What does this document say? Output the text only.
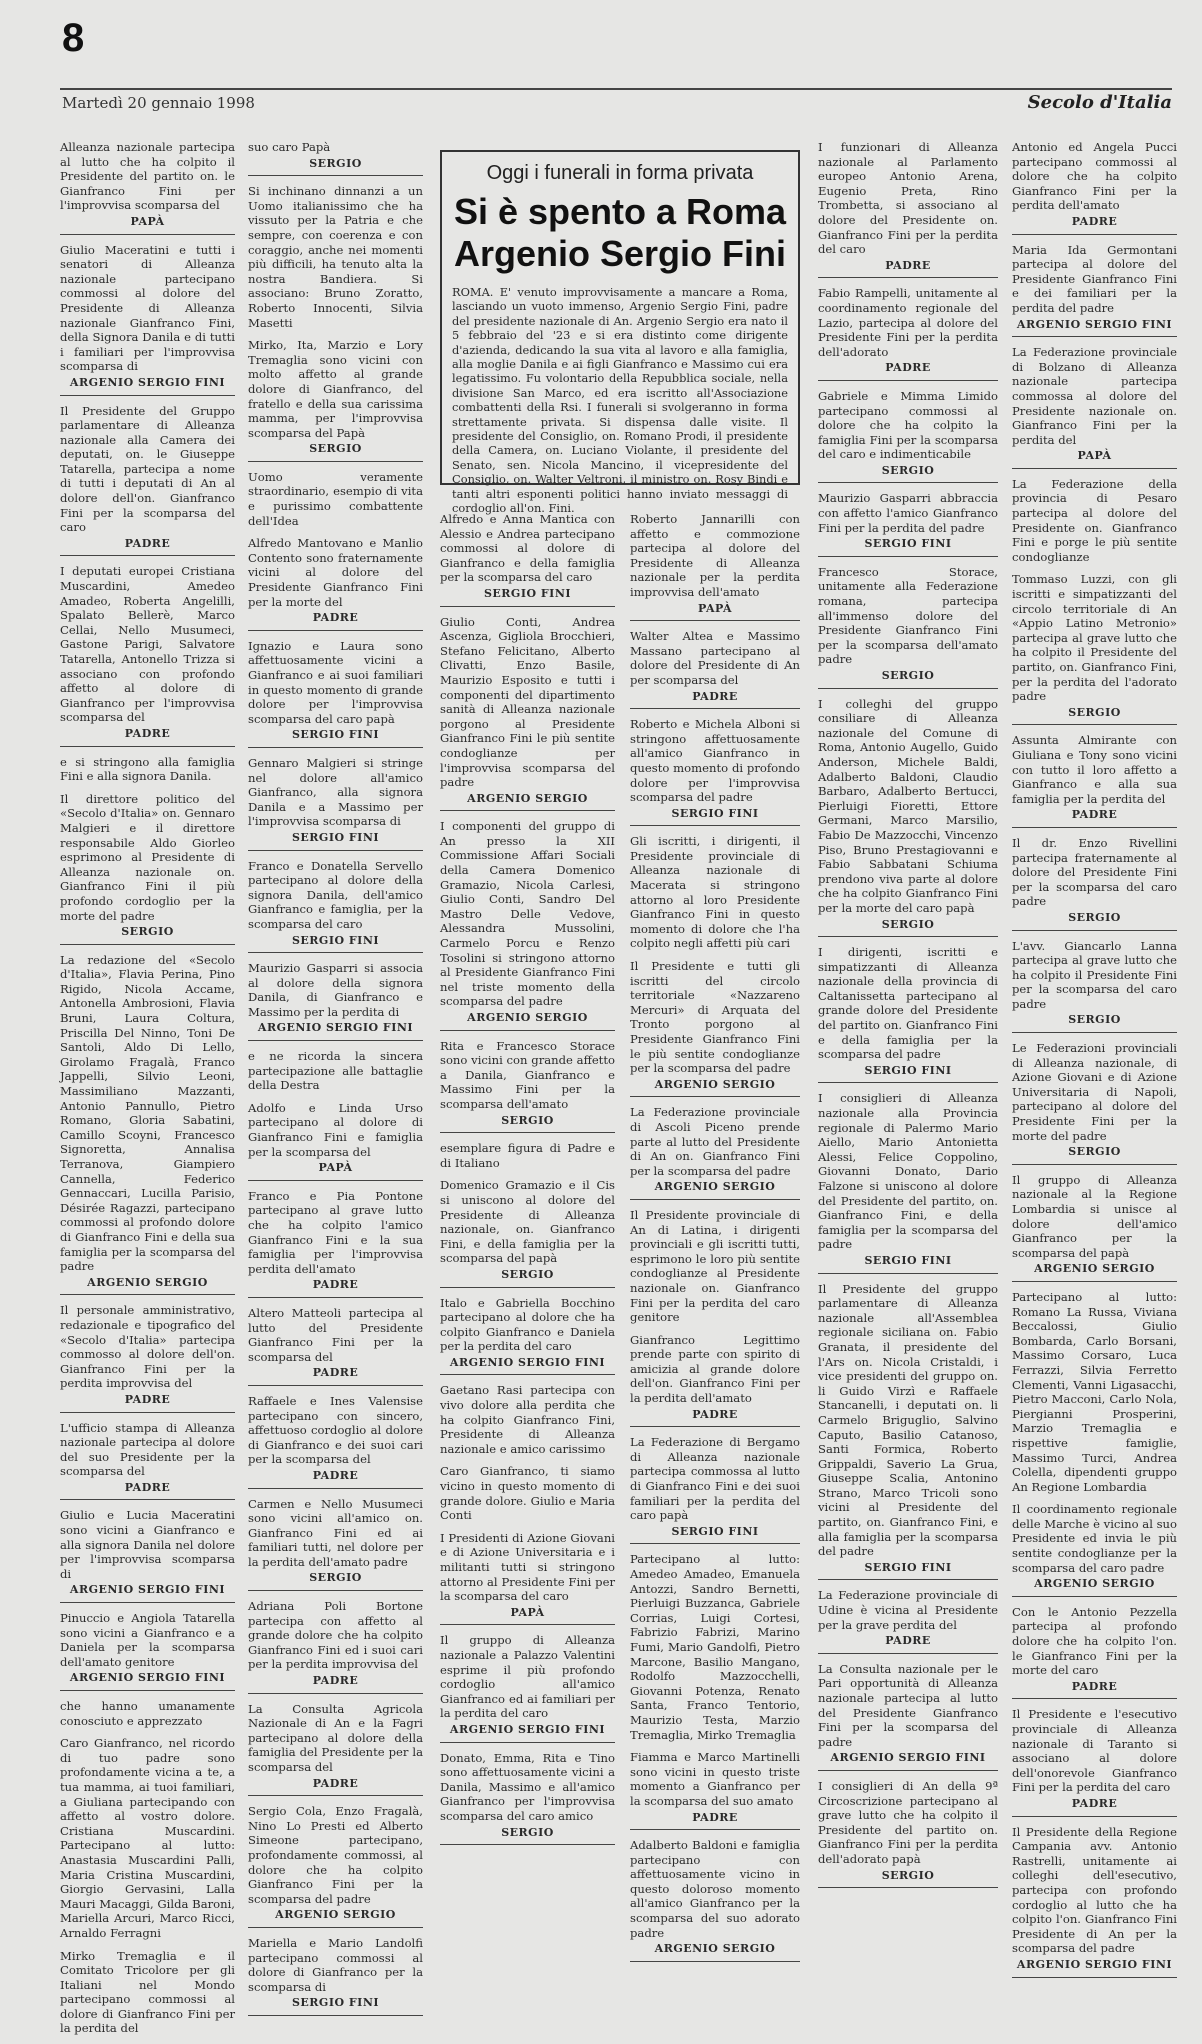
8
Martedì 20 gennaio 1998	Secolo d'Italia

Alleanza nazionale partecipa al lutto che ha colpito il Presidente del partito on. le Gianfranco Fini per l'improvvisa scomparsa del

PAPÀ

Giulio Maceratini e tutti i senatori di Alleanza nazionale partecipano commossi al dolore del Presidente di Alleanza nazionale Gianfranco Fini, della Signora Danila e di tutti i familiari per l'improvvisa scomparsa di

ARGENIO SERGIO FINI

Il Presidente del Gruppo parlamentare di Alleanza nazionale alla Camera dei deputati, on. le Giuseppe Tatarella, partecipa a nome di tutti i deputati di An al dolore dell'on. Gianfranco Fini per la scomparsa del caro

PADRE

I deputati europei Cristiana Muscardini, Amedeo Amadeo, Roberta Angelilli, Spalato Bellerè, Marco Cellai, Nello Musumeci, Gastone Parigi, Salvatore Tatarella, Antonello Trizza si associano con profondo affetto al dolore di Gianfranco per l'improvvisa scomparsa del

PADRE

e si stringono alla famiglia Fini e alla signora Danila.

Il direttore politico del «Secolo d'Italia» on. Gennaro Malgieri e il direttore responsabile Aldo Giorleo esprimono al Presidente di Alleanza nazionale on. Gianfranco Fini il più profondo cordoglio per la morte del padre

SERGIO

La redazione del «Secolo d'Italia», Flavia Perina, Pino Rigido, Nicola Accame, Antonella Ambrosioni, Flavia Bruni, Laura Coltura, Priscilla Del Ninno, Toni De Santoli, Aldo Di Lello, Girolamo Fragalà, Franco Jappelli, Silvio Leoni, Massimiliano Mazzanti, Antonio Pannullo, Pietro Romano, Gloria Sabatini, Camillo Scoyni, Francesco Signoretta, Annalisa Terranova, Giampiero Cannella, Federico Gennaccari, Lucilla Parisio, Désirée Ragazzi, partecipano commossi al profondo dolore di Gianfranco Fini e della sua famiglia per la scomparsa del padre

ARGENIO SERGIO

Il personale amministrativo, redazionale e tipografico del «Secolo d'Italia» partecipa commosso al dolore dell'on. Gianfranco Fini per la perdita improvvisa del

PADRE

L'ufficio stampa di Alleanza nazionale partecipa al dolore del suo Presidente per la scomparsa del

PADRE

Giulio e Lucia Maceratini sono vicini a Gianfranco e alla signora Danila nel dolore per l'improvvisa scomparsa di

ARGENIO SERGIO FINI

Pinuccio e Angiola Tatarella sono vicini a Gianfranco e a Daniela per la scomparsa dell'amato genitore

ARGENIO SERGIO FINI

che hanno umanamente conosciuto e apprezzato

Caro Gianfranco, nel ricordo di tuo padre sono profondamente vicina a te, a tua mamma, ai tuoi familiari, a Giuliana partecipando con affetto al vostro dolore. Cristiana Muscardini. Partecipano al lutto: Anastasia Muscardini Palli, Maria Cristina Muscardini, Giorgio Gervasini, Lalla Mauri Macaggi, Gilda Baroni, Mariella Arcuri, Marco Ricci, Arnaldo Ferragni

Mirko Tremaglia e il Comitato Tricolore per gli Italiani nel Mondo partecipano commossi al dolore di Gianfranco Fini per la perdita del

suo caro Papà

SERGIO

Si inchinano dinnanzi a un Uomo italianissimo che ha vissuto per la Patria e che sempre, con coerenza e con coraggio, anche nei momenti più difficili, ha tenuto alta la nostra Bandiera. Si associano: Bruno Zoratto, Roberto Innocenti, Silvia Masetti

Mirko, Ita, Marzio e Lory Tremaglia sono vicini con molto affetto al grande dolore di Gianfranco, del fratello e della sua carissima mamma, per l'improvvisa scomparsa del Papà

SERGIO

Uomo veramente straordinario, esempio di vita e purissimo combattente dell'Idea

Alfredo Mantovano e Manlio Contento sono fraternamente vicini al dolore del Presidente Gianfranco Fini per la morte del

PADRE

Ignazio e Laura sono affettuosamente vicini a Gianfranco e ai suoi familiari in questo momento di grande dolore per l'improvvisa scomparsa del caro papà

SERGIO FINI

Gennaro Malgieri si stringe nel dolore all'amico Gianfranco, alla signora Danila e a Massimo per l'improvvisa scomparsa di

SERGIO FINI

Franco e Donatella Servello partecipano al dolore della signora Danila, dell'amico Gianfranco e famiglia, per la scomparsa del caro

SERGIO FINI

Maurizio Gasparri si associa al dolore della signora Danila, di Gianfranco e Massimo per la perdita di

ARGENIO SERGIO FINI

e ne ricorda la sincera partecipazione alle battaglie della Destra

Adolfo e Linda Urso partecipano al dolore di Gianfranco Fini e famiglia per la scomparsa del

PAPÀ

Franco e Pia Pontone partecipano al grave lutto che ha colpito l'amico Gianfranco Fini e la sua famiglia per l'improvvisa perdita dell'amato

PADRE

Altero Matteoli partecipa al lutto del Presidente Gianfranco Fini per la scomparsa del

PADRE

Raffaele e Ines Valensise partecipano con sincero, affettuoso cordoglio al dolore di Gianfranco e dei suoi cari per la scomparsa del

PADRE

Carmen e Nello Musumeci sono vicini all'amico on. Gianfranco Fini ed ai familiari tutti, nel dolore per la perdita dell'amato padre

SERGIO

Adriana Poli Bortone partecipa con affetto al grande dolore che ha colpito Gianfranco Fini ed i suoi cari per la perdita improvvisa del

PADRE

La Consulta Agricola Nazionale di An e la Fagri partecipano al dolore della famiglia del Presidente per la scomparsa del

PADRE

Sergio Cola, Enzo Fragalà, Nino Lo Presti ed Alberto Simeone partecipano, profondamente commossi, al dolore che ha colpito Gianfranco Fini per la scomparsa del padre

ARGENIO SERGIO

Mariella e Mario Landolfi partecipano commossi al dolore di Gianfranco per la scomparsa di

SERGIO FINI

Alfredo e Anna Mantica con Alessio e Andrea partecipano commossi al dolore di Gianfranco e della famiglia per la scomparsa del caro

SERGIO FINI

Giulio Conti, Andrea Ascenza, Gigliola Brocchieri, Stefano Felicitano, Alberto Clivatti, Enzo Basile, Maurizio Esposito e tutti i componenti del dipartimento sanità di Alleanza nazionale porgono al Presidente Gianfranco Fini le più sentite condoglianze per l'improvvisa scomparsa del padre

ARGENIO SERGIO

I componenti del gruppo di An presso la XII Commissione Affari Sociali della Camera Domenico Gramazio, Nicola Carlesi, Giulio Conti, Sandro Del Mastro Delle Vedove, Alessandra Mussolini, Carmelo Porcu e Renzo Tosolini si stringono attorno al Presidente Gianfranco Fini nel triste momento della scomparsa del padre

ARGENIO SERGIO

Rita e Francesco Storace sono vicini con grande affetto a Danila, Gianfranco e Massimo Fini per la scomparsa dell'amato

SERGIO

esemplare figura di Padre e di Italiano

Domenico Gramazio e il Cis si uniscono al dolore del Presidente di Alleanza nazionale, on. Gianfranco Fini, e della famiglia per la scomparsa del papà

SERGIO

Italo e Gabriella Bocchino partecipano al dolore che ha colpito Gianfranco e Daniela per la perdita del caro

ARGENIO SERGIO FINI

Gaetano Rasi partecipa con vivo dolore alla perdita che ha colpito Gianfranco Fini, Presidente di Alleanza nazionale e amico carissimo

Caro Gianfranco, ti siamo vicino in questo momento di grande dolore. Giulio e Maria Conti

I Presidenti di Azione Giovani e di Azione Universitaria e i militanti tutti si stringono attorno al Presidente Fini per la scomparsa del caro

PAPÀ

Il gruppo di Alleanza nazionale a Palazzo Valentini esprime il più profondo cordoglio all'amico Gianfranco ed ai familiari per la perdita del caro

ARGENIO SERGIO FINI

Donato, Emma, Rita e Tino sono affettuosamente vicini a Danila, Massimo e all'amico Gianfranco per l'improvvisa scomparsa del caro amico

SERGIO

Roberto Jannarilli con affetto e commozione partecipa al dolore del Presidente di Alleanza nazionale per la perdita improvvisa dell'amato

PAPÀ

Walter Altea e Massimo Massano partecipano al dolore del Presidente di An per scomparsa del

PADRE

Roberto e Michela Alboni si stringono affettuosamente all'amico Gianfranco in questo momento di profondo dolore per l'improvvisa scomparsa del padre

SERGIO FINI

Gli iscritti, i dirigenti, il Presidente provinciale di Alleanza nazionale di Macerata si stringono attorno al loro Presidente Gianfranco Fini in questo momento di dolore che l'ha colpito negli affetti più cari

Il Presidente e tutti gli iscritti del circolo territoriale «Nazzareno Mercuri» di Arquata del Tronto porgono al Presidente Gianfranco Fini le più sentite condoglianze per la scomparsa del padre

ARGENIO SERGIO

La Federazione provinciale di Ascoli Piceno prende parte al lutto del Presidente di An on. Gianfranco Fini per la scomparsa del padre

ARGENIO SERGIO

Il Presidente provinciale di An di Latina, i dirigenti provinciali e gli iscritti tutti, esprimono le loro più sentite condoglianze al Presidente nazionale on. Gianfranco Fini per la perdita del caro genitore

Gianfranco Legittimo prende parte con spirito di amicizia al grande dolore dell'on. Gianfranco Fini per la perdita dell'amato

PADRE

La Federazione di Bergamo di Alleanza nazionale partecipa commossa al lutto di Gianfranco Fini e dei suoi familiari per la perdita del caro papà

SERGIO FINI

Partecipano al lutto: Amedeo Amadeo, Emanuela Antozzi, Sandro Bernetti, Pierluigi Buzzanca, Gabriele Corrias, Luigi Cortesi, Fabrizio Fabrizi, Marino Fumi, Mario Gandolfi, Pietro Marcone, Basilio Mangano, Rodolfo Mazzocchelli, Giovanni Potenza, Renato Santa, Franco Tentorio, Maurizio Testa, Marzio Tremaglia, Mirko Tremaglia

Fiamma e Marco Martinelli sono vicini in questo triste momento a Gianfranco per la scomparsa del suo amato

PADRE

Adalberto Baldoni e famiglia partecipano con affettuosamente vicino in questo doloroso momento all'amico Gianfranco per la scomparsa del suo adorato padre

ARGENIO SERGIO

I funzionari di Alleanza nazionale al Parlamento europeo Antonio Arena, Eugenio Preta, Rino Trombetta, si associano al dolore del Presidente on. Gianfranco Fini per la perdita del caro

PADRE

Fabio Rampelli, unitamente al coordinamento regionale del Lazio, partecipa al dolore del Presidente Fini per la perdita dell'adorato

PADRE

Gabriele e Mimma Limido partecipano commossi al dolore che ha colpito la famiglia Fini per la scomparsa del caro e indimenticabile

SERGIO

Maurizio Gasparri abbraccia con affetto l'amico Gianfranco Fini per la perdita del padre

SERGIO FINI

Francesco Storace, unitamente alla Federazione romana, partecipa all'immenso dolore del Presidente Gianfranco Fini per la scomparsa dell'amato padre

SERGIO

I colleghi del gruppo consiliare di Alleanza nazionale del Comune di Roma, Antonio Augello, Guido Anderson, Michele Baldi, Adalberto Baldoni, Claudio Barbaro, Adalberto Bertucci, Pierluigi Fioretti, Ettore Germani, Marco Marsilio, Fabio De Mazzocchi, Vincenzo Piso, Bruno Prestagiovanni e Fabio Sabbatani Schiuma prendono viva parte al dolore che ha colpito Gianfranco Fini per la morte del caro papà

SERGIO

I dirigenti, iscritti e simpatizzanti di Alleanza nazionale della provincia di Caltanissetta partecipano al grande dolore del Presidente del partito on. Gianfranco Fini e della famiglia per la scomparsa del padre

SERGIO FINI

I consiglieri di Alleanza nazionale alla Provincia regionale di Palermo Mario Aiello, Mario Antonietta Alessi, Felice Coppolino, Giovanni Donato, Dario Falzone si uniscono al dolore del Presidente del partito, on. Gianfranco Fini, e della famiglia per la scomparsa del padre

SERGIO FINI

Il Presidente del gruppo parlamentare di Alleanza nazionale all'Assemblea regionale siciliana on. Fabio Granata, il presidente del l'Ars on. Nicola Cristaldi, i vice presidenti del gruppo on. li Guido Virzì e Raffaele Stancanelli, i deputati on. li Carmelo Briguglio, Salvino Caputo, Basilio Catanoso, Santi Formica, Roberto Grippaldi, Saverio La Grua, Giuseppe Scalia, Antonino Strano, Marco Tricoli sono vicini al Presidente del partito, on. Gianfranco Fini, e alla famiglia per la scomparsa del padre

SERGIO FINI

La Federazione provinciale di Udine è vicina al Presidente per la grave perdita del

PADRE

La Consulta nazionale per le Pari opportunità di Alleanza nazionale partecipa al lutto del Presidente Gianfranco Fini per la scomparsa del padre

ARGENIO SERGIO FINI

I consiglieri di An della 9ª Circoscrizione partecipano al grave lutto che ha colpito il Presidente del partito on. Gianfranco Fini per la perdita dell'adorato papà

SERGIO

Antonio ed Angela Pucci partecipano commossi al dolore che ha colpito Gianfranco Fini per la perdita dell'amato

PADRE

Maria Ida Germontani partecipa al dolore del Presidente Gianfranco Fini e dei familiari per la perdita del padre

ARGENIO SERGIO FINI

La Federazione provinciale di Bolzano di Alleanza nazionale partecipa commossa al dolore del Presidente nazionale on. Gianfranco Fini per la perdita del

PAPÀ

La Federazione della provincia di Pesaro partecipa al dolore del Presidente on. Gianfranco Fini e porge le più sentite condoglianze

Tommaso Luzzi, con gli iscritti e simpatizzanti del circolo territoriale di An «Appio Latino Metronio» partecipa al grave lutto che ha colpito il Presidente del partito, on. Gianfranco Fini, per la perdita del l'adorato padre

SERGIO

Assunta Almirante con Giuliana e Tony sono vicini con tutto il loro affetto a Gianfranco e alla sua famiglia per la perdita del

PADRE

Il dr. Enzo Rivellini partecipa fraternamente al dolore del Presidente Fini per la scomparsa del caro padre

SERGIO

L'avv. Giancarlo Lanna partecipa al grave lutto che ha colpito il Presidente Fini per la scomparsa del caro padre

SERGIO

Le Federazioni provinciali di Alleanza nazionale, di Azione Giovani e di Azione Universitaria di Napoli, partecipano al dolore del Presidente Fini per la morte del padre

SERGIO

Il gruppo di Alleanza nazionale al la Regione Lombardia si unisce al dolore dell'amico Gianfranco per la scomparsa del papà

ARGENIO SERGIO

Partecipano al lutto: Romano La Russa, Viviana Beccalossi, Giulio Bombarda, Carlo Borsani, Massimo Corsaro, Luca Ferrazzi, Silvia Ferretto Clementi, Vanni Ligasacchi, Pietro Macconi, Carlo Nola, Piergianni Prosperini, Marzio Tremaglia e rispettive famiglie, Massimo Turci, Andrea Colella, dipendenti gruppo An Regione Lombardia

Il coordinamento regionale delle Marche è vicino al suo Presidente ed invia le più sentite condoglianze per la scomparsa del caro padre

ARGENIO SERGIO

Con le Antonio Pezzella partecipa al profondo dolore che ha colpito l'on. le Gianfranco Fini per la morte del caro

PADRE

Il Presidente e l'esecutivo provinciale di Alleanza nazionale di Taranto si associano al dolore dell'onorevole Gianfranco Fini per la perdita del caro

PADRE

Il Presidente della Regione Campania avv. Antonio Rastrelli, unitamente ai colleghi dell'esecutivo, partecipa con profondo cordoglio al lutto che ha colpito l'on. Gianfranco Fini Presidente di An per la scomparsa del padre

ARGENIO SERGIO FINI
Oggi i funerali in forma privata
Si è spento a Roma Argenio Sergio Fini
ROMA. E' venuto improvvisamente a mancare a Roma, lasciando un vuoto immenso, Argenio Sergio Fini, padre del presidente nazionale di An. Argenio Sergio era nato il 5 febbraio del '23 e si era distinto come dirigente d'azienda, dedicando la sua vita al lavoro e alla famiglia, alla moglie Danila e ai figli Gianfranco e Massimo cui era legatissimo. Fu volontario della Repubblica sociale, nella divisione San Marco, ed era iscritto all'Associazione combattenti della Rsi. I funerali si svolgeranno in forma strettamente privata. Si dispensa dalle visite. Il presidente del Consiglio, on. Romano Prodi, il presidente della Camera, on. Luciano Violante, il presidente del Senato, sen. Nicola Mancino, il vicepresidente del Consiglio, on. Walter Veltroni, il ministro on. Rosy Bindi e tanti altri esponenti politici hanno inviato messaggi di cordoglio all'on. Fini.
